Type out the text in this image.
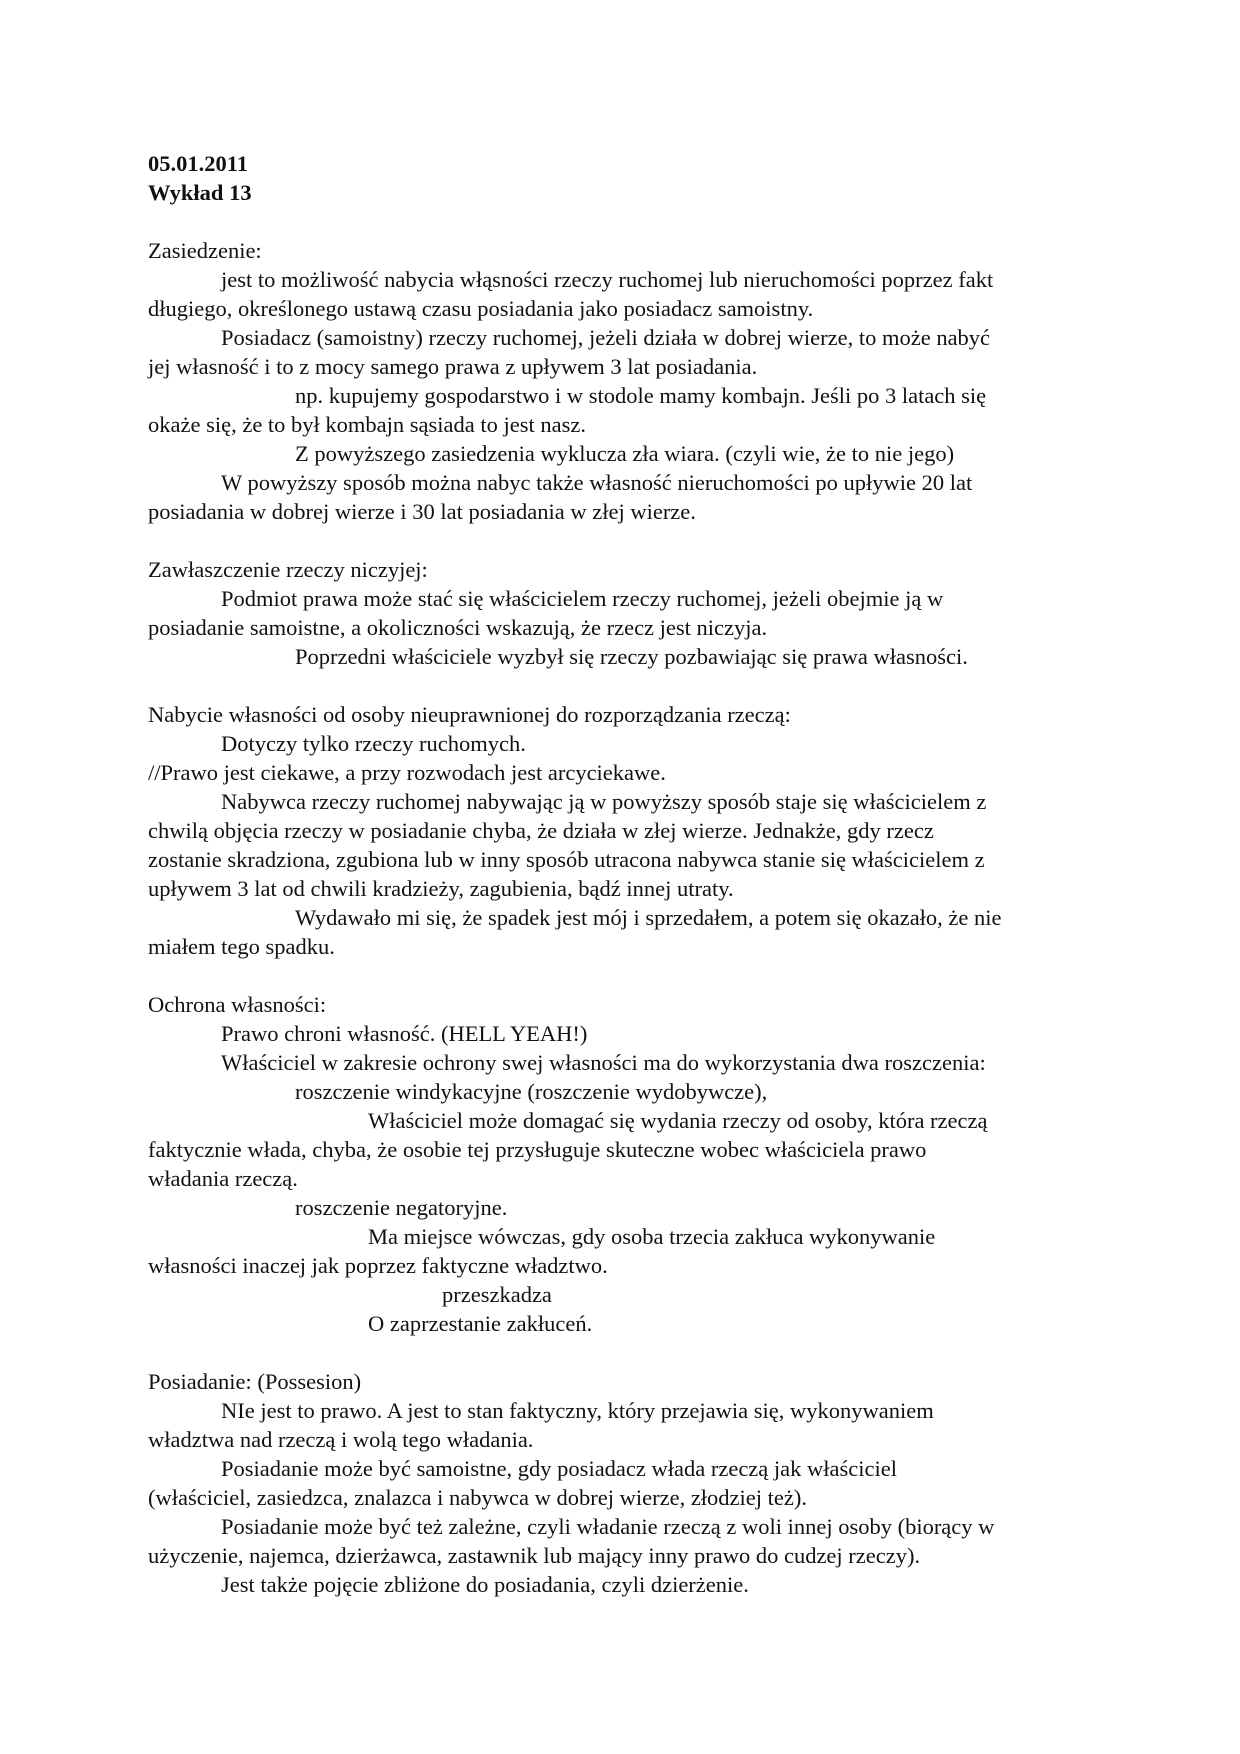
05.01.2011
Wykład 13
Zasiedzenie:
jest to możliwość nabycia włąsności rzeczy ruchomej lub nieruchomości poprzez fakt
długiego, określonego ustawą czasu posiadania jako posiadacz samoistny.
Posiadacz (samoistny) rzeczy ruchomej, jeżeli działa w dobrej wierze, to może nabyć
jej własność i to z mocy samego prawa z upływem 3 lat posiadania.
np. kupujemy gospodarstwo i w stodole mamy kombajn. Jeśli po 3 latach się
okaże się, że to był kombajn sąsiada to jest nasz.
Z powyższego zasiedzenia wyklucza zła wiara. (czyli wie, że to nie jego)
W powyższy sposób można nabyc także własność nieruchomości po upływie 20 lat
posiadania w dobrej wierze i 30 lat posiadania w złej wierze.
Zawłaszczenie rzeczy niczyjej:
Podmiot prawa może stać się właścicielem rzeczy ruchomej, jeżeli obejmie ją w
posiadanie samoistne, a okoliczności wskazują, że rzecz jest niczyja.
Poprzedni właściciele wyzbył się rzeczy pozbawiając się prawa własności.
Nabycie własności od osoby nieuprawnionej do rozporządzania rzeczą:
Dotyczy tylko rzeczy ruchomych.
//Prawo jest ciekawe, a przy rozwodach jest arcyciekawe.
Nabywca rzeczy ruchomej nabywając ją w powyższy sposób staje się właścicielem z
chwilą objęcia rzeczy w posiadanie chyba, że działa w złej wierze. Jednakże, gdy rzecz
zostanie skradziona, zgubiona lub w inny sposób utracona nabywca stanie się właścicielem z
upływem 3 lat od chwili kradzieży, zagubienia, bądź innej utraty.
Wydawało mi się, że spadek jest mój i sprzedałem, a potem się okazało, że nie
miałem tego spadku.
Ochrona własności:
Prawo chroni własność. (HELL YEAH!)
Właściciel w zakresie ochrony swej własności ma do wykorzystania dwa roszczenia:
roszczenie windykacyjne (roszczenie wydobywcze),
Właściciel może domagać się wydania rzeczy od osoby, która rzeczą
faktycznie włada, chyba, że osobie tej przysługuje skuteczne wobec właściciela prawo
władania rzeczą.
roszczenie negatoryjne.
Ma miejsce wówczas, gdy osoba trzecia zakłuca wykonywanie
własności inaczej jak poprzez faktyczne władztwo.
przeszkadza
O zaprzestanie zakłuceń.
Posiadanie: (Possesion)
NIe jest to prawo. A jest to stan faktyczny, który przejawia się, wykonywaniem
władztwa nad rzeczą i wolą tego władania.
Posiadanie może być samoistne, gdy posiadacz włada rzeczą jak właściciel
(właściciel, zasiedzca, znalazca i nabywca w dobrej wierze, złodziej też).
Posiadanie może być też zależne, czyli władanie rzeczą z woli innej osoby (biorący w
użyczenie, najemca, dzierżawca, zastawnik lub mający inny prawo do cudzej rzeczy).
Jest także pojęcie zbliżone do posiadania, czyli dzierżenie.
